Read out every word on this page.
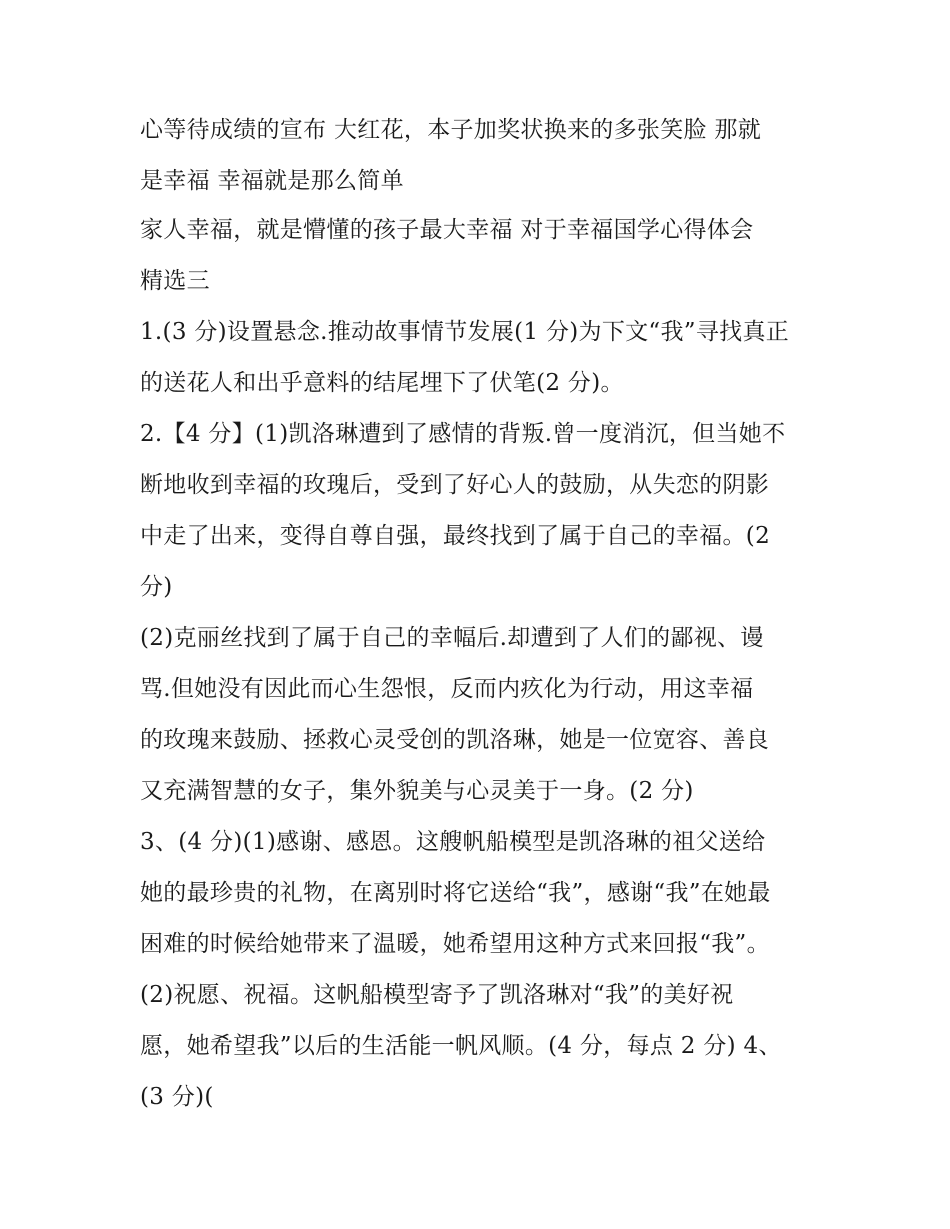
心等待成绩的宣布 大红花，本子加奖状换来的多张笑脸 那就
是幸福 幸福就是那么简单
家人幸福，就是懵懂的孩子最大幸福 对于幸福国学心得体会
精选三
1.(3 分)设置悬念.推动故事情节发展(1 分)为下文“我”寻找真正
的送花人和出乎意料的结尾埋下了伏笔(2 分)。
2.【4 分】(1)凯洛琳遭到了感情的背叛.曾一度消沉，但当她不
断地收到幸福的玫瑰后，受到了好心人的鼓励，从失恋的阴影
中走了出来，变得自尊自强，最终找到了属于自己的幸福。(2
分)
(2)克丽丝找到了属于自己的幸幅后.却遭到了人们的鄙视、谩
骂.但她没有因此而心生怨恨，反而内疚化为行动，用这幸福
的玫瑰来鼓励、拯救心灵受创的凯洛琳，她是一位宽容、善良
又充满智慧的女子，集外貌美与心灵美于一身。(2 分)
3、(4 分)(1)感谢、感恩。这艘帆船模型是凯洛琳的祖父送给
她的最珍贵的礼物，在离别时将它送给“我”，感谢“我”在她最
困难的时候给她带来了温暖，她希望用这种方式来回报“我”。
(2)祝愿、祝福。这帆船模型寄予了凯洛琳对“我”的美好祝
愿，她希望我”以后的生活能一帆风顺。(4 分，每点 2 分) 4、
(3 分)(
